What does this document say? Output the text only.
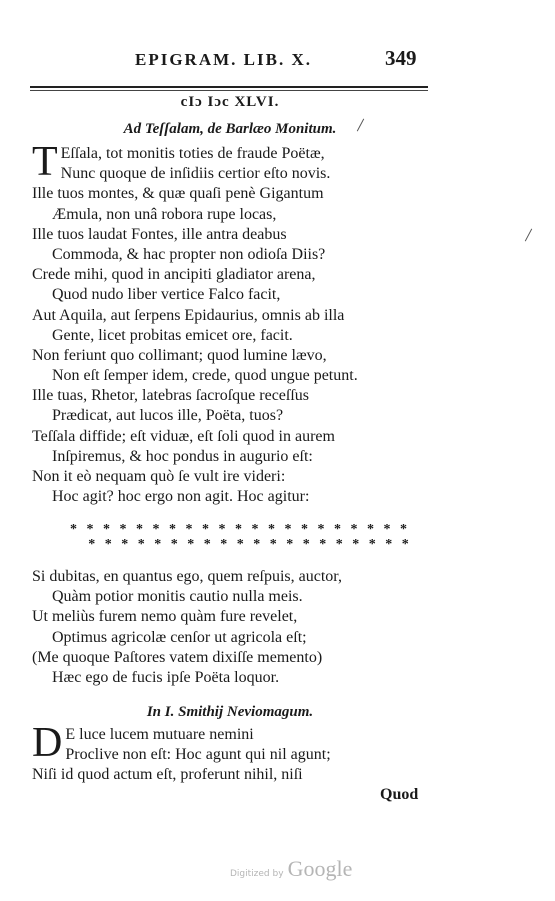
EPIGRAM. LIB. X.	349
cIɔ Iɔc XLVI.
Ad Teſſalam, de Barlæo Monitum.
T Eſſala, tot monitis toties de fraude Poëtæ,
Nunc quoque de inſidiis certior eſto novis.
Ille tuos montes, & quæ quaſi penè Gigantum
Æmula, non unâ robora rupe locas,
Ille tuos laudat Fontes, ille antra deabus
Commoda, & hac propter non odioſa Diis?
Crede mihi, quod in ancipiti gladiator arena,
Quod nudo liber vertice Falco facit,
Aut Aquila, aut ſerpens Epidaurius, omnis ab illa
Gente, licet probitas emicet ore, facit.
Non feriunt quo collimant; quod lumine lævo,
Non eſt ſemper idem, crede, quod ungue petunt.
Ille tuas, Rhetor, latebras ſacroſque receſſus
Prædicat, aut lucos ille, Poëta, tuos?
Teſſala diffide; eſt viduæ, eſt ſoli quod in aurem
Inſpiremus, & hoc pondus in augurio eſt:
Non it eò nequam quò ſe vult ire videri:
Hoc agit? hoc ergo non agit. Hoc agitur:
* * * * * * * * * * * * * * * * * * * * *
* * * * * * * * * * * * * * * * * * * *
Si dubitas, en quantus ego, quem reſpuis, auctor,
Quàm potior monitis cautio nulla meis.
Ut meliùs furem nemo quàm fure revelet,
Optimus agricolæ cenſor ut agricola eſt;
(Me quoque Paſtores vatem dixiſſe memento)
Hæc ego de fucis ipſe Poëta loquor.
In I. Smithij Neviomagum.
D E luce lucem mutuare nemini
Proclive non eſt: Hoc agunt qui nil agunt;
Niſi id quod actum eſt, proferunt nihil, niſi
Quod
Digitized by Google
